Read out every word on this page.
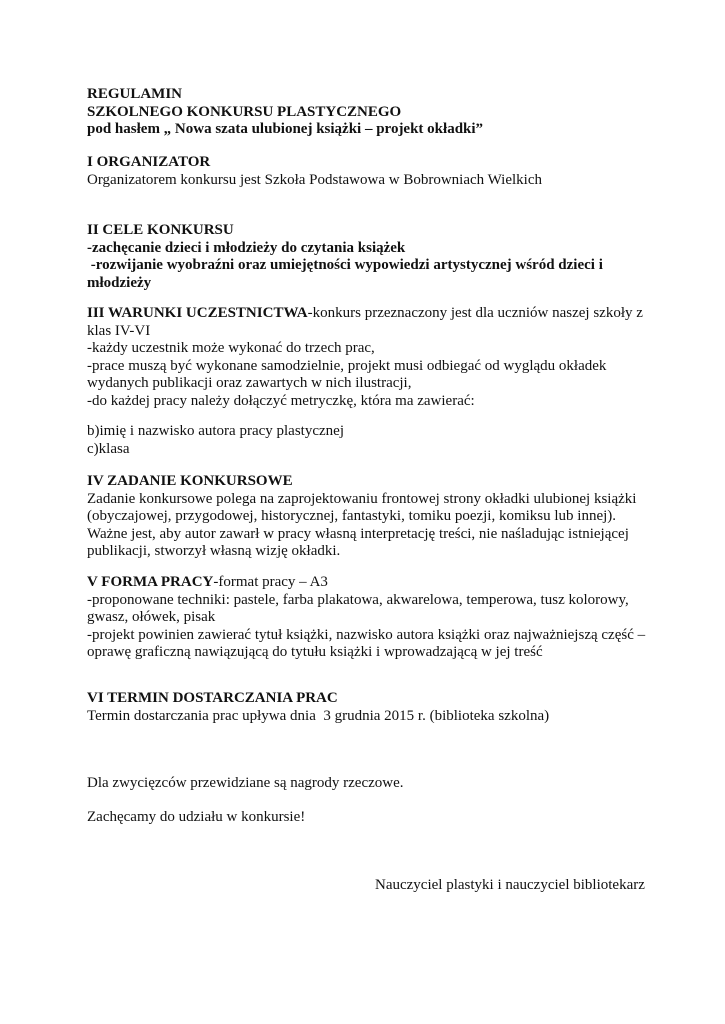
REGULAMIN
SZKOLNEGO KONKURSU PLASTYCZNEGO
pod hasłem „ Nowa szata ulubionej książki – projekt okładki”
I ORGANIZATOR
Organizatorem konkursu jest Szkoła Podstawowa w Bobrowniach Wielkich
II CELE KONKURSU
-zachęcanie dzieci i młodzieży do czytania książek
-rozwijanie wyobraźni oraz umiejętności wypowiedzi artystycznej wśród dzieci i
młodzieży
III WARUNKI UCZESTNICTWA-konkurs przeznaczony jest dla uczniów naszej szkoły z
klas IV-VI
-każdy uczestnik może wykonać do trzech prac,
-prace muszą być wykonane samodzielnie, projekt musi odbiegać od wyglądu okładek
wydanych publikacji oraz zawartych w nich ilustracji,
-do każdej pracy należy dołączyć metryczkę, która ma zawierać:
b)imię i nazwisko autora pracy plastycznej
c)klasa
IV ZADANIE KONKURSOWE
Zadanie konkursowe polega na zaprojektowaniu frontowej strony okładki ulubionej książki
(obyczajowej, przygodowej, historycznej, fantastyki, tomiku poezji, komiksu lub innej).
Ważne jest, aby autor zawarł w pracy własną interpretację treści, nie naśladując istniejącej
publikacji, stworzył własną wizję okładki.
V FORMA PRACY-format pracy – A3
-proponowane techniki: pastele, farba plakatowa, akwarelowa, temperowa, tusz kolorowy,
gwasz, ołówek, pisak
-projekt powinien zawierać tytuł książki, nazwisko autora książki oraz najważniejszą część –
oprawę graficzną nawiązującą do tytułu książki i wprowadzającą w jej treść
VI TERMIN DOSTARCZANIA PRAC
Termin dostarczania prac upływa dnia  3 grudnia 2015 r. (biblioteka szkolna)
Dla zwycięzców przewidziane są nagrody rzeczowe.
Zachęcamy do udziału w konkursie!
Nauczyciel plastyki i nauczyciel bibliotekarz
